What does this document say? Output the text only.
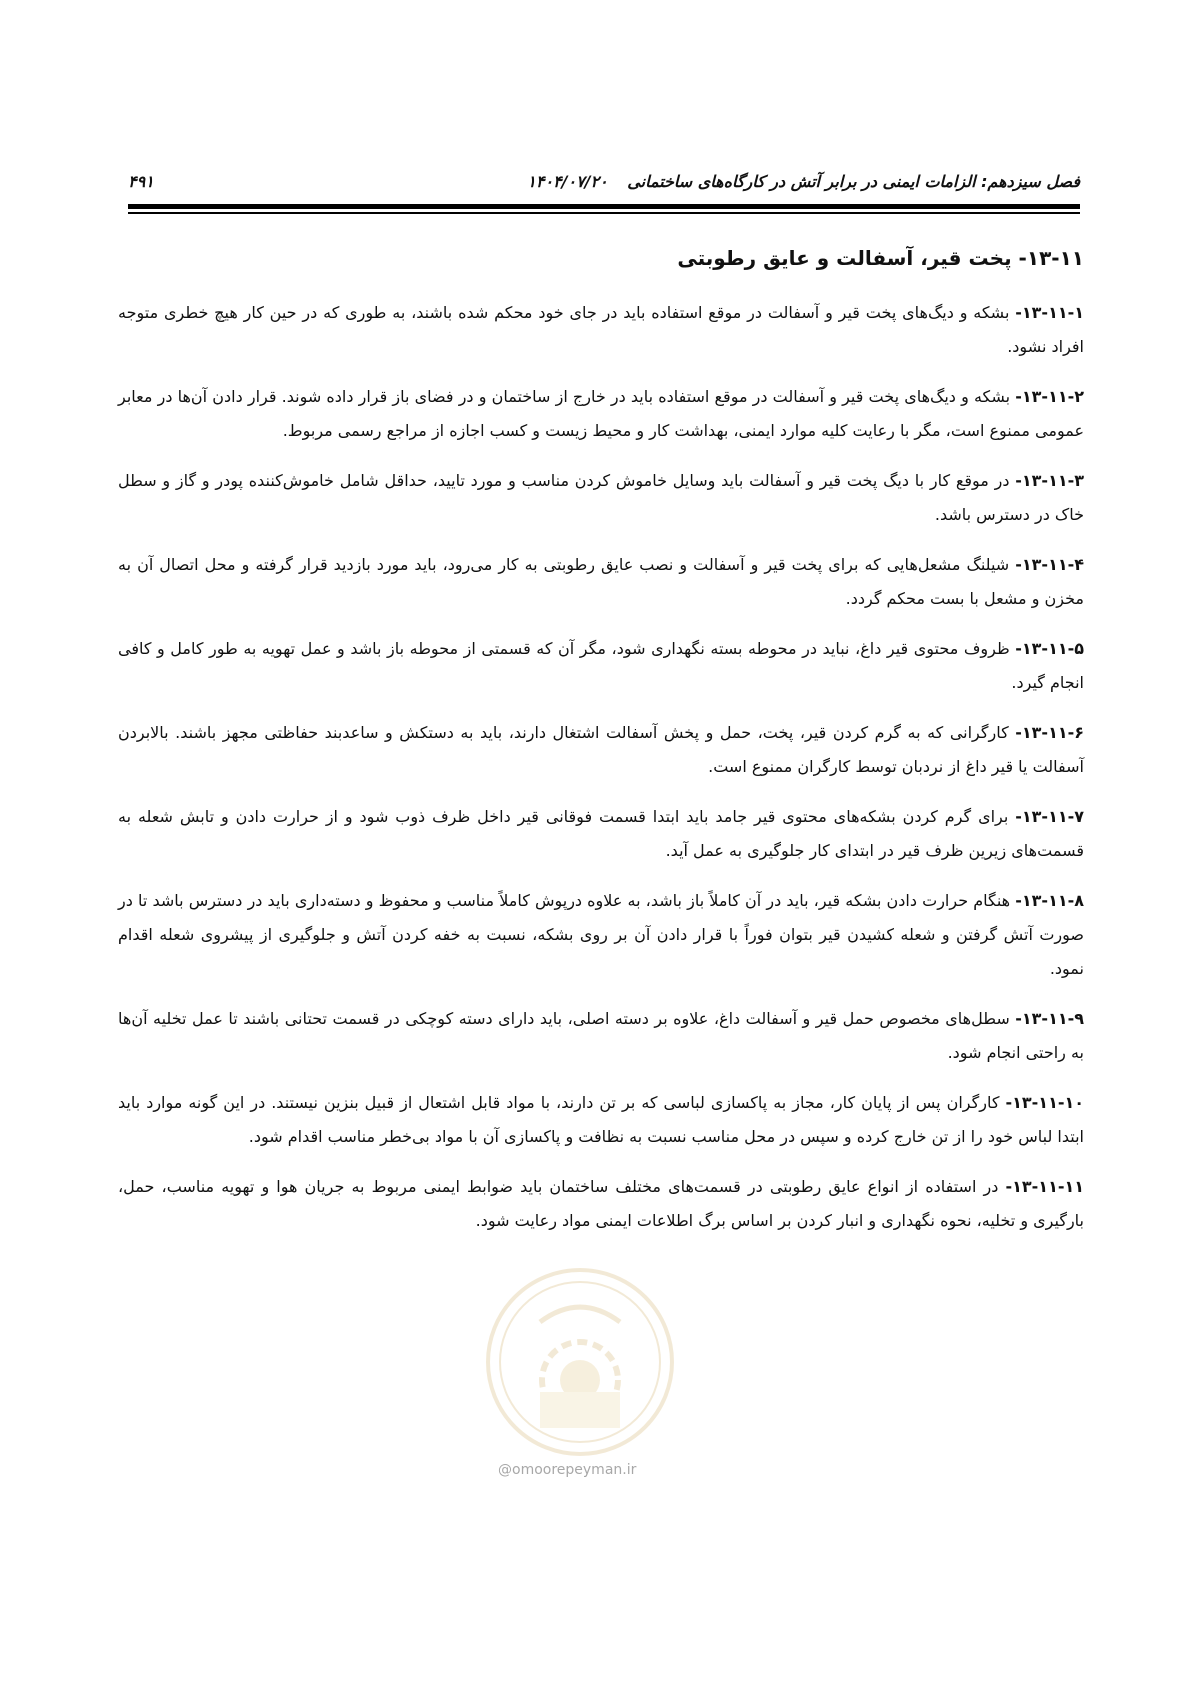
فصل سیزدهم: الزامات ایمنی در برابر آتش در کارگاه‌های ساختمانی ۱۴۰۴/۰۷/۲۰
۴۹۱
۱۳-۱۱- پخت قیر، آسفالت و عایق رطوبتی

۱۳-۱۱-۱- بشکه و دیگ‌های پخت قیر و آسفالت در موقع استفاده باید در جای خود محکم شده باشند، به طوری که در حین کار هیچ خطری متوجه افراد نشود.

۱۳-۱۱-۲- بشکه و دیگ‌های پخت قیر و آسفالت در موقع استفاده باید در خارج از ساختمان و در فضای باز قرار داده شوند. قرار دادن آن‌ها در معابر عمومی ممنوع است، مگر با رعایت کلیه موارد ایمنی، بهداشت کار و محیط زیست و کسب اجازه از مراجع رسمی مربوط.

۱۳-۱۱-۳- در موقع کار با دیگ پخت قیر و آسفالت باید وسایل خاموش کردن مناسب و مورد تایید، حداقل شامل خاموش‌کننده پودر و گاز و سطل خاک در دسترس باشد.

۱۳-۱۱-۴- شیلنگ مشعل‌هایی که برای پخت قیر و آسفالت و نصب عایق رطوبتی به کار می‌رود، باید مورد بازدید قرار گرفته و محل اتصال آن به مخزن و مشعل با بست محکم گردد.

۱۳-۱۱-۵- ظروف محتوی قیر داغ، نباید در محوطه بسته نگهداری شود، مگر آن که قسمتی از محوطه باز باشد و عمل تهویه به طور کامل و کافی انجام گیرد.

۱۳-۱۱-۶- کارگرانی که به گرم کردن قیر، پخت، حمل و پخش آسفالت اشتغال دارند، باید به دستکش و ساعدبند حفاظتی مجهز باشند. بالابردن آسفالت یا قیر داغ از نردبان توسط کارگران ممنوع است.

۱۳-۱۱-۷- برای گرم کردن بشکه‌های محتوی قیر جامد باید ابتدا قسمت فوقانی قیر داخل ظرف ذوب شود و از حرارت دادن و تابش شعله به قسمت‌های زیرین ظرف قیر در ابتدای کار جلوگیری به عمل آید.

۱۳-۱۱-۸- هنگام حرارت دادن بشکه قیر، باید در آن کاملاً باز باشد، به علاوه درپوش کاملاً مناسب و محفوظ و دسته‌داری باید در دسترس باشد تا در صورت آتش گرفتن و شعله کشیدن قیر بتوان فوراً با قرار دادن آن بر روی بشکه، نسبت به خفه کردن آتش و جلوگیری از پیشروی شعله اقدام نمود.

۱۳-۱۱-۹- سطل‌های مخصوص حمل قیر و آسفالت داغ، علاوه بر دسته اصلی، باید دارای دسته کوچکی در قسمت تحتانی باشند تا عمل تخلیه آن‌ها به راحتی انجام شود.

۱۳-۱۱-۱۰- کارگران پس از پایان کار، مجاز به پاکسازی لباسی که بر تن دارند، با مواد قابل اشتعال از قبیل بنزین نیستند. در این گونه موارد باید ابتدا لباس خود را از تن خارج کرده و سپس در محل مناسب نسبت به نظافت و پاکسازی آن با مواد بی‌خطر مناسب اقدام شود.

۱۳-۱۱-۱۱- در استفاده از انواع عایق رطوبتی در قسمت‌های مختلف ساختمان باید ضوابط ایمنی مربوط به جریان هوا و تهویه مناسب، حمل، بارگیری و تخلیه، نحوه نگهداری و انبار کردن بر اساس برگ اطلاعات ایمنی مواد رعایت شود.

@omoorepeyman.ir
